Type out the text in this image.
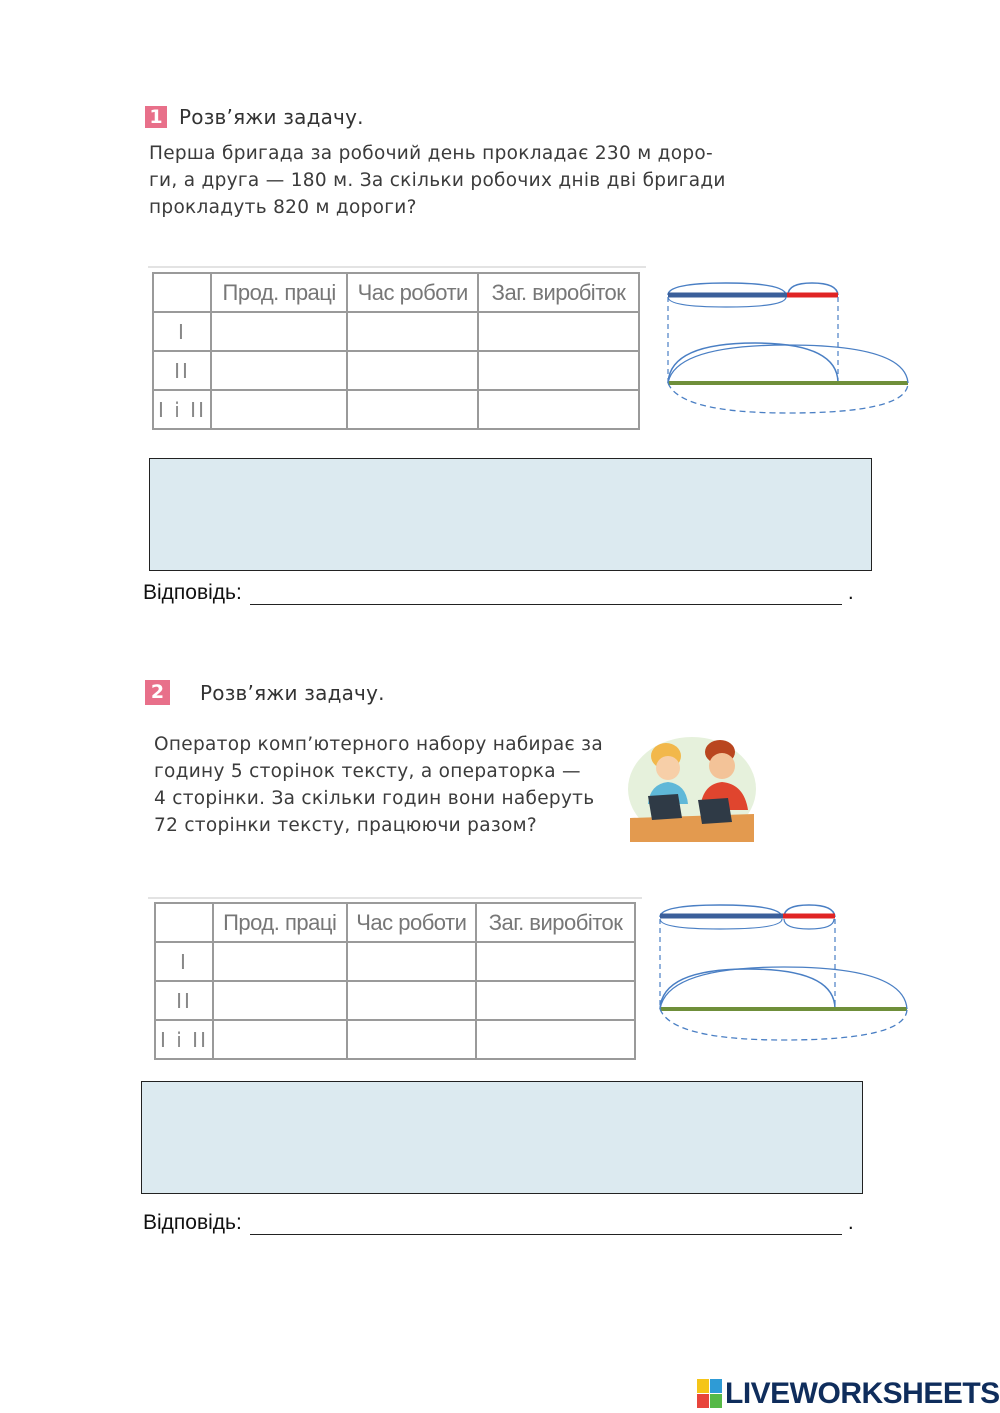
1 Розв’яжи задачу.
Перша бригада за робочий день прокладає 230 м доро-
ги, а друга — 180 м. За скільки робочих днів дві бригади
прокладуть 820 м дороги?
	Прод. праці	Час роботи	Заг. виробіток
I			
II			
I і II			
Відповідь:	.
2 Розв’яжи задачу.
Оператор комп’ютерного набору набирає за
годину 5 сторінок тексту, а операторка —
4 сторінки. За скільки годин вони наберуть
72 сторінки тексту, працюючи разом?
	Прод. праці	Час роботи	Заг. виробіток
I			
II			
I і II			
Відповідь:	.
LIVEWORKSHEETS
